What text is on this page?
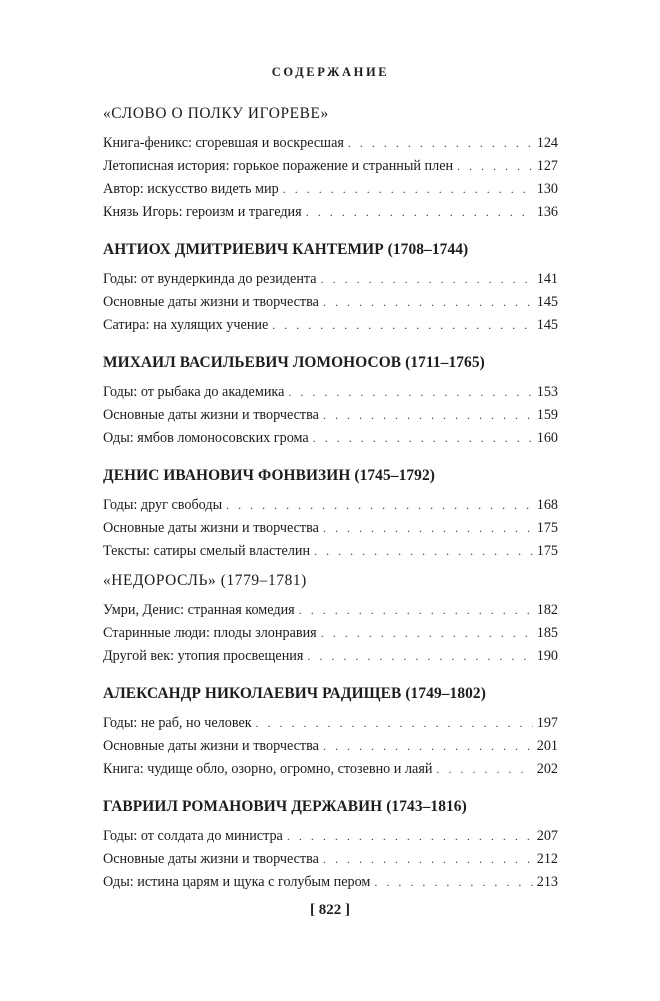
СОДЕРЖАНИЕ
«СЛОВО О ПОЛКУ ИГОРЕВЕ»
Книга-феникс: сгоревшая и воскресшая . . .	124
Летописная история: горькое поражение и странный плен . . .	127
Автор: искусство видеть мир . . .	130
Князь Игорь: героизм и трагедия . . .	136
АНТИОХ ДМИТРИЕВИЧ КАНТЕМИР (1708–1744)
Годы: от вундеркинда до резидента . . .	141
Основные даты жизни и творчества . . .	145
Сатира: на хулящих учение . . .	145
МИХАИЛ ВАСИЛЬЕВИЧ ЛОМОНОСОВ (1711–1765)
Годы: от рыбака до академика . . .	153
Основные даты жизни и творчества . . .	159
Оды: ямбов ломоносовских грома . . .	160
ДЕНИС ИВАНОВИЧ ФОНВИЗИН (1745–1792)
Годы: друг свободы . . .	168
Основные даты жизни и творчества . . .	175
Тексты: сатиры смелый властелин . . .	175
«НЕДОРОСЛЬ» (1779–1781)
Умри, Денис: странная комедия . . .	182
Старинные люди: плоды злонравия . . .	185
Другой век: утопия просвещения . . .	190
АЛЕКСАНДР НИКОЛАЕВИЧ РАДИЩЕВ (1749–1802)
Годы: не раб, но человек . . .	197
Основные даты жизни и творчества . . .	201
Книга: чудище обло, озорно, огромно, стозевно и лаяй . . .	202
ГАВРИИЛ РОМАНОВИЧ ДЕРЖАВИН (1743–1816)
Годы: от солдата до министра . . .	207
Основные даты жизни и творчества . . .	212
Оды: истина царям и щука с голубым пером . . .	213
[ 822 ]
